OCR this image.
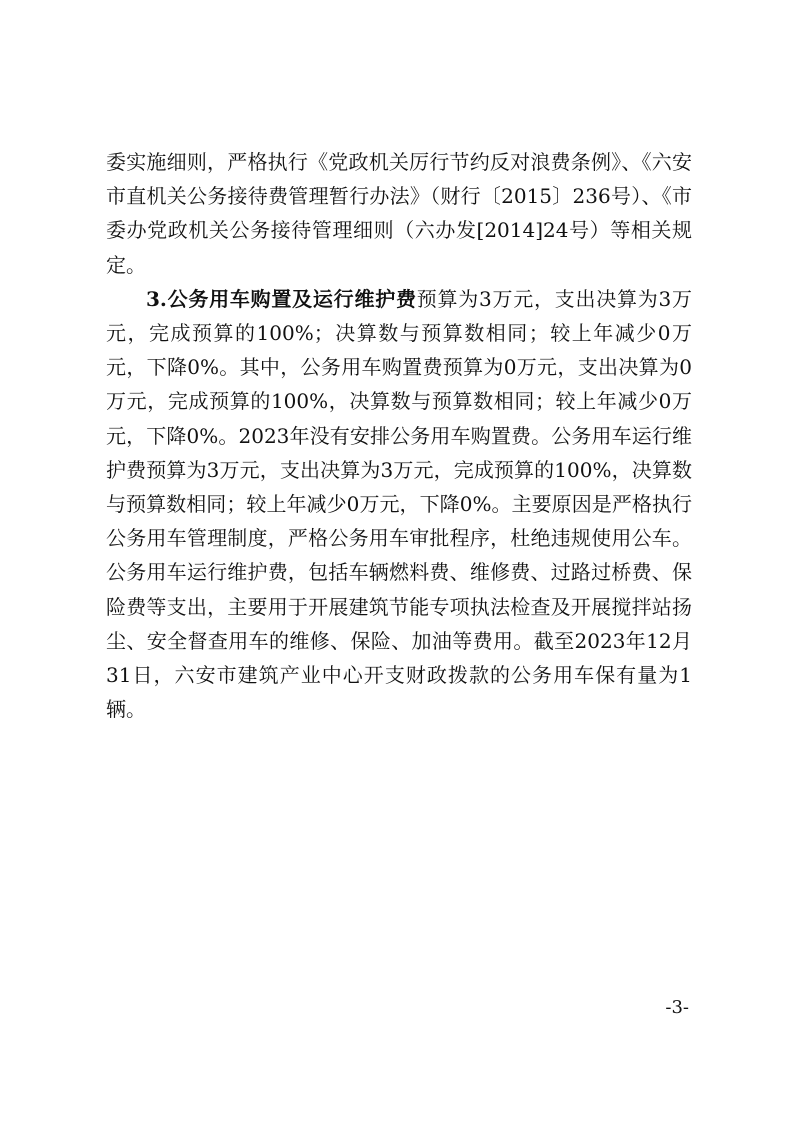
委实施细则，严格执行《党政机关厉行节约反对浪费条例》、《六安市直机关公务接待费管理暂行办法》（财行〔2015〕236号）、《市委办党政机关公务接待管理细则（六办发[2014]24号）等相关规定。

3.公务用车购置及运行维护费预算为3万元，支出决算为3万元，完成预算的100%；决算数与预算数相同；较上年减少0万元，下降0%。其中，公务用车购置费预算为0万元，支出决算为0万元，完成预算的100%，决算数与预算数相同；较上年减少0万元，下降0%。2023年没有安排公务用车购置费。公务用车运行维护费预算为3万元，支出决算为3万元，完成预算的100%，决算数与预算数相同；较上年减少0万元，下降0%。主要原因是严格执行公务用车管理制度，严格公务用车审批程序，杜绝违规使用公车。公务用车运行维护费，包括车辆燃料费、维修费、过路过桥费、保险费等支出，主要用于开展建筑节能专项执法检查及开展搅拌站扬尘、安全督查用车的维修、保险、加油等费用。截至2023年12月31日，六安市建筑产业中心开支财政拨款的公务用车保有量为1辆。

-3-
